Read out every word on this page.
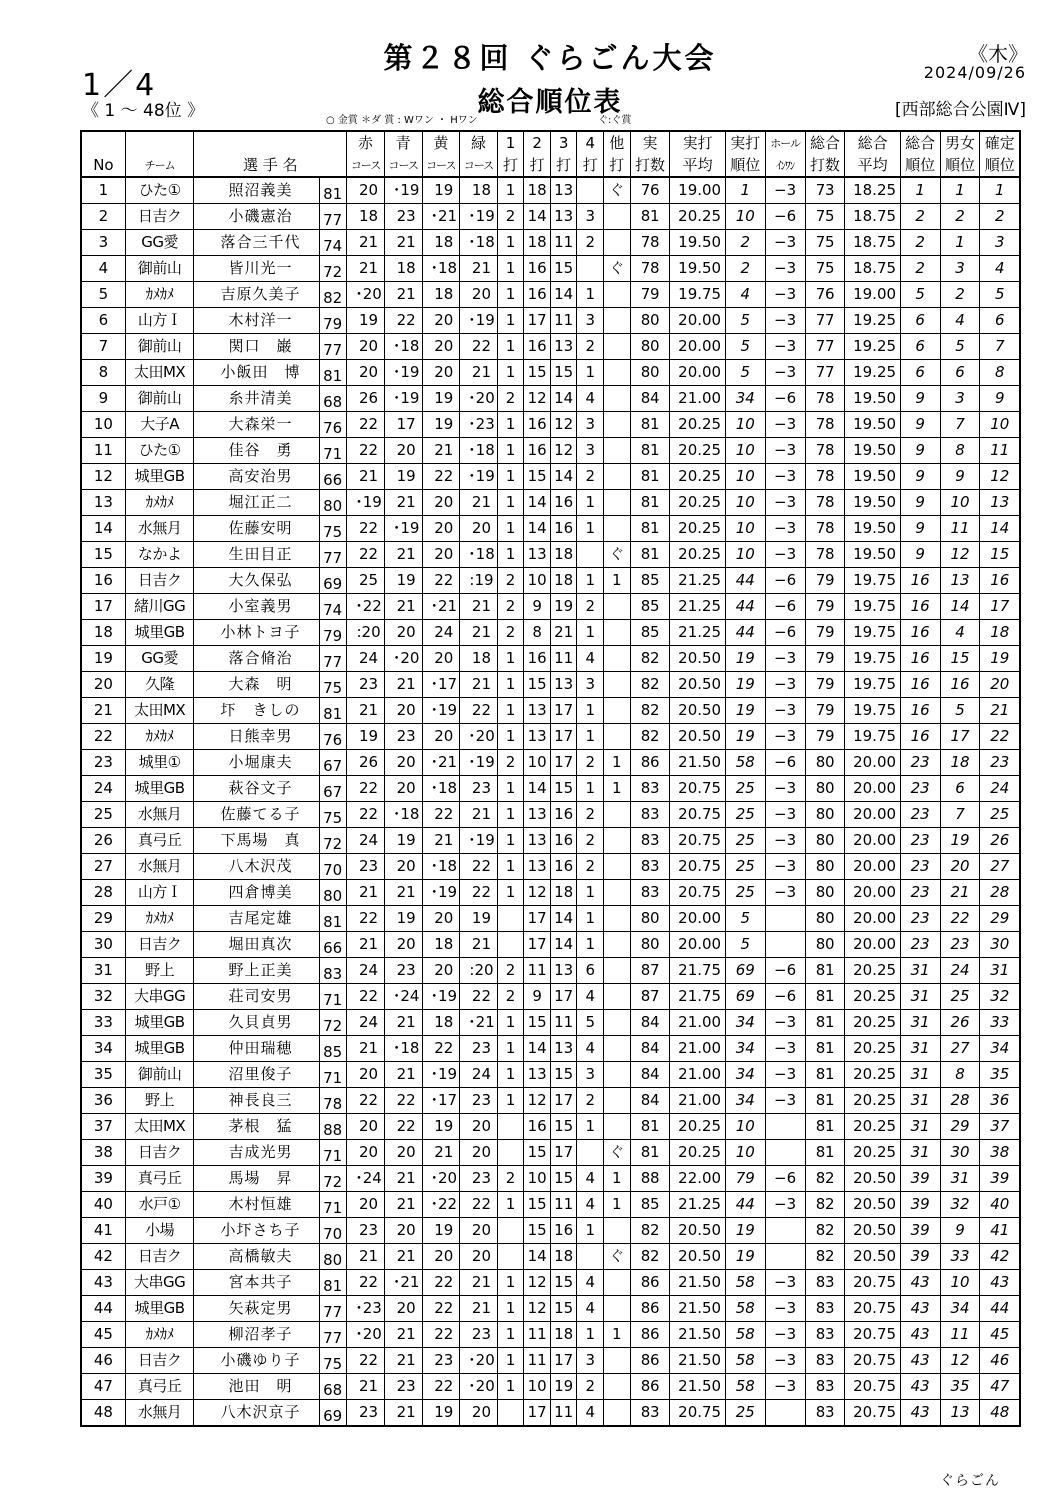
1／4
《 1 ～ 48位 》
第２８回 ぐらごん大会
総合順位表
《木》
2024/09/26
[西部総合公園Ⅳ]
○ 金賞 ＊ダ 賞 : Wワン ・ Hワン	ぐ:ぐ賞
				赤	青	黄	緑	1	2	3	4	他	実	実打	実打	ホール	総合	総合	総合	男女	確定
No	チーム	選 手 名		コース	コース	コース	コース	打	打	打	打	打	打数	平均	順位	ｲﾝﾜﾝ	打数	平均	順位	順位	順位
1	ひた①	照沼義美	81	20	･19	19	18	1	18	13		ぐ	76	19.00	1	−3	73	18.25	1	1	1
2	日吉ク	小磯憲治	77	18	23	･21	･19	2	14	13	3		81	20.25	10	−6	75	18.75	2	2	2
3	GG愛	落合三千代	74	21	21	18	･18	1	18	11	2		78	19.50	2	−3	75	18.75	2	1	3
4	御前山	皆川光一	72	21	18	･18	21	1	16	15		ぐ	78	19.50	2	−3	75	18.75	2	3	4
5	ｶﾒｶﾒ	吉原久美子	82	･20	21	18	20	1	16	14	1		79	19.75	4	−3	76	19.00	5	2	5
6	山方Ｉ	木村洋一	79	19	22	20	･19	1	17	11	3		80	20.00	5	−3	77	19.25	6	4	6
7	御前山	関口　巌	77	20	･18	20	22	1	16	13	2		80	20.00	5	−3	77	19.25	6	5	7
8	太田MX	小飯田　博	81	20	･19	20	21	1	15	15	1		80	20.00	5	−3	77	19.25	6	6	8
9	御前山	糸井清美	68	26	･19	19	･20	2	12	14	4		84	21.00	34	−6	78	19.50	9	3	9
10	大子A	大森栄一	76	22	17	19	･23	1	16	12	3		81	20.25	10	−3	78	19.50	9	7	10
11	ひた①	佳谷　勇	71	22	20	21	･18	1	16	12	3		81	20.25	10	−3	78	19.50	9	8	11
12	城里GB	高安治男	66	21	19	22	･19	1	15	14	2		81	20.25	10	−3	78	19.50	9	9	12
13	ｶﾒｶﾒ	堀江正二	80	･19	21	20	21	1	14	16	1		81	20.25	10	−3	78	19.50	9	10	13
14	水無月	佐藤安明	75	22	･19	20	20	1	14	16	1		81	20.25	10	−3	78	19.50	9	11	14
15	なかよ	生田目正	77	22	21	20	･18	1	13	18		ぐ	81	20.25	10	−3	78	19.50	9	12	15
16	日吉ク	大久保弘	69	25	19	22	:19	2	10	18	1	1	85	21.25	44	−6	79	19.75	16	13	16
17	緒川GG	小室義男	74	･22	21	･21	21	2	9	19	2		85	21.25	44	−6	79	19.75	16	14	17
18	城里GB	小林トヨ子	79	:20	20	24	21	2	8	21	1		85	21.25	44	−6	79	19.75	16	4	18
19	GG愛	落合脩治	77	24	･20	20	18	1	16	11	4		82	20.50	19	−3	79	19.75	16	15	19
20	久隆	大森　明	75	23	21	･17	21	1	15	13	3		82	20.50	19	−3	79	19.75	16	16	20
21	太田MX	圷　きしの	81	21	20	･19	22	1	13	17	1		82	20.50	19	−3	79	19.75	16	5	21
22	ｶﾒｶﾒ	日熊幸男	76	19	23	20	･20	1	13	17	1		82	20.50	19	−3	79	19.75	16	17	22
23	城里①	小堀康夫	67	26	20	･21	･19	2	10	17	2	1	86	21.50	58	−6	80	20.00	23	18	23
24	城里GB	萩谷文子	67	22	20	･18	23	1	14	15	1	1	83	20.75	25	−3	80	20.00	23	6	24
25	水無月	佐藤てる子	75	22	･18	22	21	1	13	16	2		83	20.75	25	−3	80	20.00	23	7	25
26	真弓丘	下馬場　真	72	24	19	21	･19	1	13	16	2		83	20.75	25	−3	80	20.00	23	19	26
27	水無月	八木沢茂	70	23	20	･18	22	1	13	16	2		83	20.75	25	−3	80	20.00	23	20	27
28	山方Ｉ	四倉博美	80	21	21	･19	22	1	12	18	1		83	20.75	25	−3	80	20.00	23	21	28
29	ｶﾒｶﾒ	吉尾定雄	81	22	19	20	19		17	14	1		80	20.00	5		80	20.00	23	22	29
30	日吉ク	堀田真次	66	21	20	18	21		17	14	1		80	20.00	5		80	20.00	23	23	30
31	野上	野上正美	83	24	23	20	:20	2	11	13	6		87	21.75	69	−6	81	20.25	31	24	31
32	大串GG	荘司安男	71	22	･24	･19	22	2	9	17	4		87	21.75	69	−6	81	20.25	31	25	32
33	城里GB	久貝貞男	72	24	21	18	･21	1	15	11	5		84	21.00	34	−3	81	20.25	31	26	33
34	城里GB	仲田瑞穂	85	21	･18	22	23	1	14	13	4		84	21.00	34	−3	81	20.25	31	27	34
35	御前山	沼里俊子	71	20	21	･19	24	1	13	15	3		84	21.00	34	−3	81	20.25	31	8	35
36	野上	神長良三	78	22	22	･17	23	1	12	17	2		84	21.00	34	−3	81	20.25	31	28	36
37	太田MX	茅根　猛	88	20	22	19	20		16	15	1		81	20.25	10		81	20.25	31	29	37
38	日吉ク	吉成光男	71	20	20	21	20		15	17		ぐ	81	20.25	10		81	20.25	31	30	38
39	真弓丘	馬場　昇	72	･24	21	･20	23	2	10	15	4	1	88	22.00	79	−6	82	20.50	39	31	39
40	水戸①	木村恒雄	71	20	21	･22	22	1	15	11	4	1	85	21.25	44	−3	82	20.50	39	32	40
41	小場	小圷さち子	70	23	20	19	20		15	16	1		82	20.50	19		82	20.50	39	9	41
42	日吉ク	高橋敏夫	80	21	21	20	20		14	18		ぐ	82	20.50	19		82	20.50	39	33	42
43	大串GG	宮本共子	81	22	･21	22	21	1	12	15	4		86	21.50	58	−3	83	20.75	43	10	43
44	城里GB	矢萩定男	77	･23	20	22	21	1	12	15	4		86	21.50	58	−3	83	20.75	43	34	44
45	ｶﾒｶﾒ	柳沼孝子	77	･20	21	22	23	1	11	18	1	1	86	21.50	58	−3	83	20.75	43	11	45
46	日吉ク	小磯ゆり子	75	22	21	23	･20	1	11	17	3		86	21.50	58	−3	83	20.75	43	12	46
47	真弓丘	池田　明	68	21	23	22	･20	1	10	19	2		86	21.50	58	−3	83	20.75	43	35	47
48	水無月	八木沢京子	69	23	21	19	20		17	11	4		83	20.75	25		83	20.75	43	13	48
ぐらごん
